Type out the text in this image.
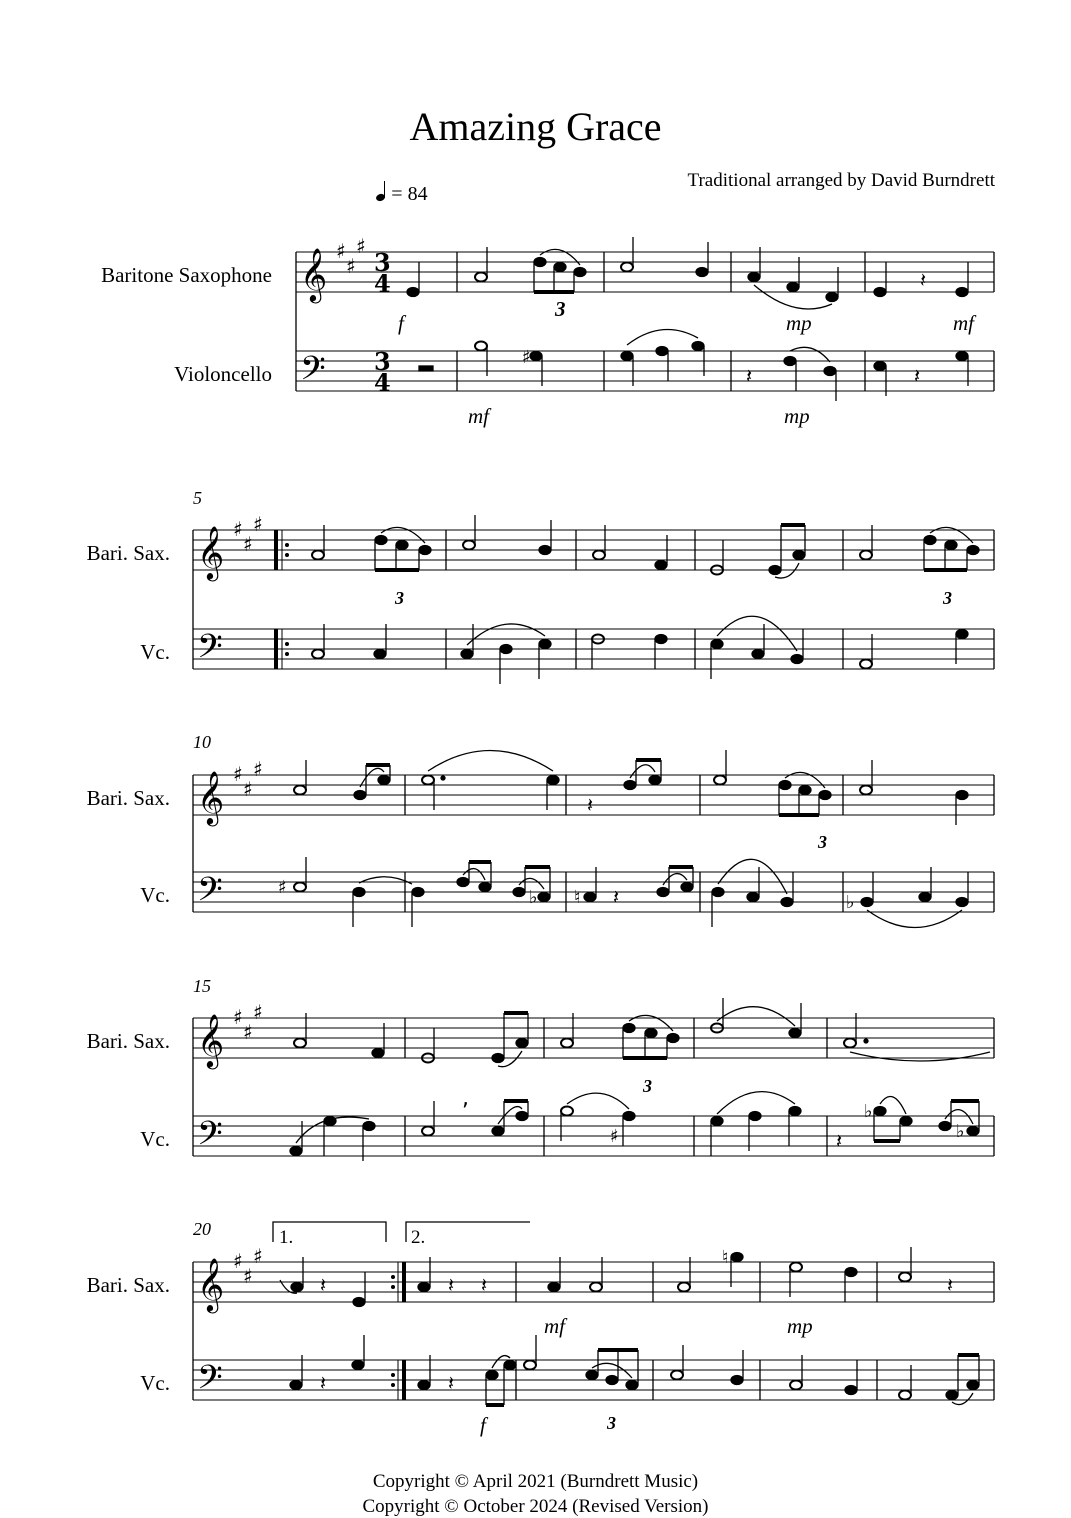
Amazing Grace
Traditional arranged by David Burndrett
= 84
Baritone Saxophone
Violoncello
𝄞
𝄢
♯
♯
♯
3
4
3
4
𝄽
3
♯
𝄽	𝄽
f	mp	mf
mf	mp
5
Bari. Sax.
Vc.
𝄞
𝄢
♯
♯
♯
3	3
10
Bari. Sax.
Vc.
𝄞
𝄢
♯
♯
♯
𝄽
3
♯	♭ ♮	♭
𝄽
15
Bari. Sax.
Vc.
𝄞
𝄢
♯
♯
♯
3
♯
♭
♭
,
𝄽
20
Bari. Sax.
Vc.
1.	2.
𝄞
𝄢
♯
♯
♯	♮
𝄽	𝄽 𝄽	𝄽
mf	mp
𝄽	𝄽
3
f
Copyright © April 2021 (Burndrett Music)
Copyright © October 2024 (Revised Version)
